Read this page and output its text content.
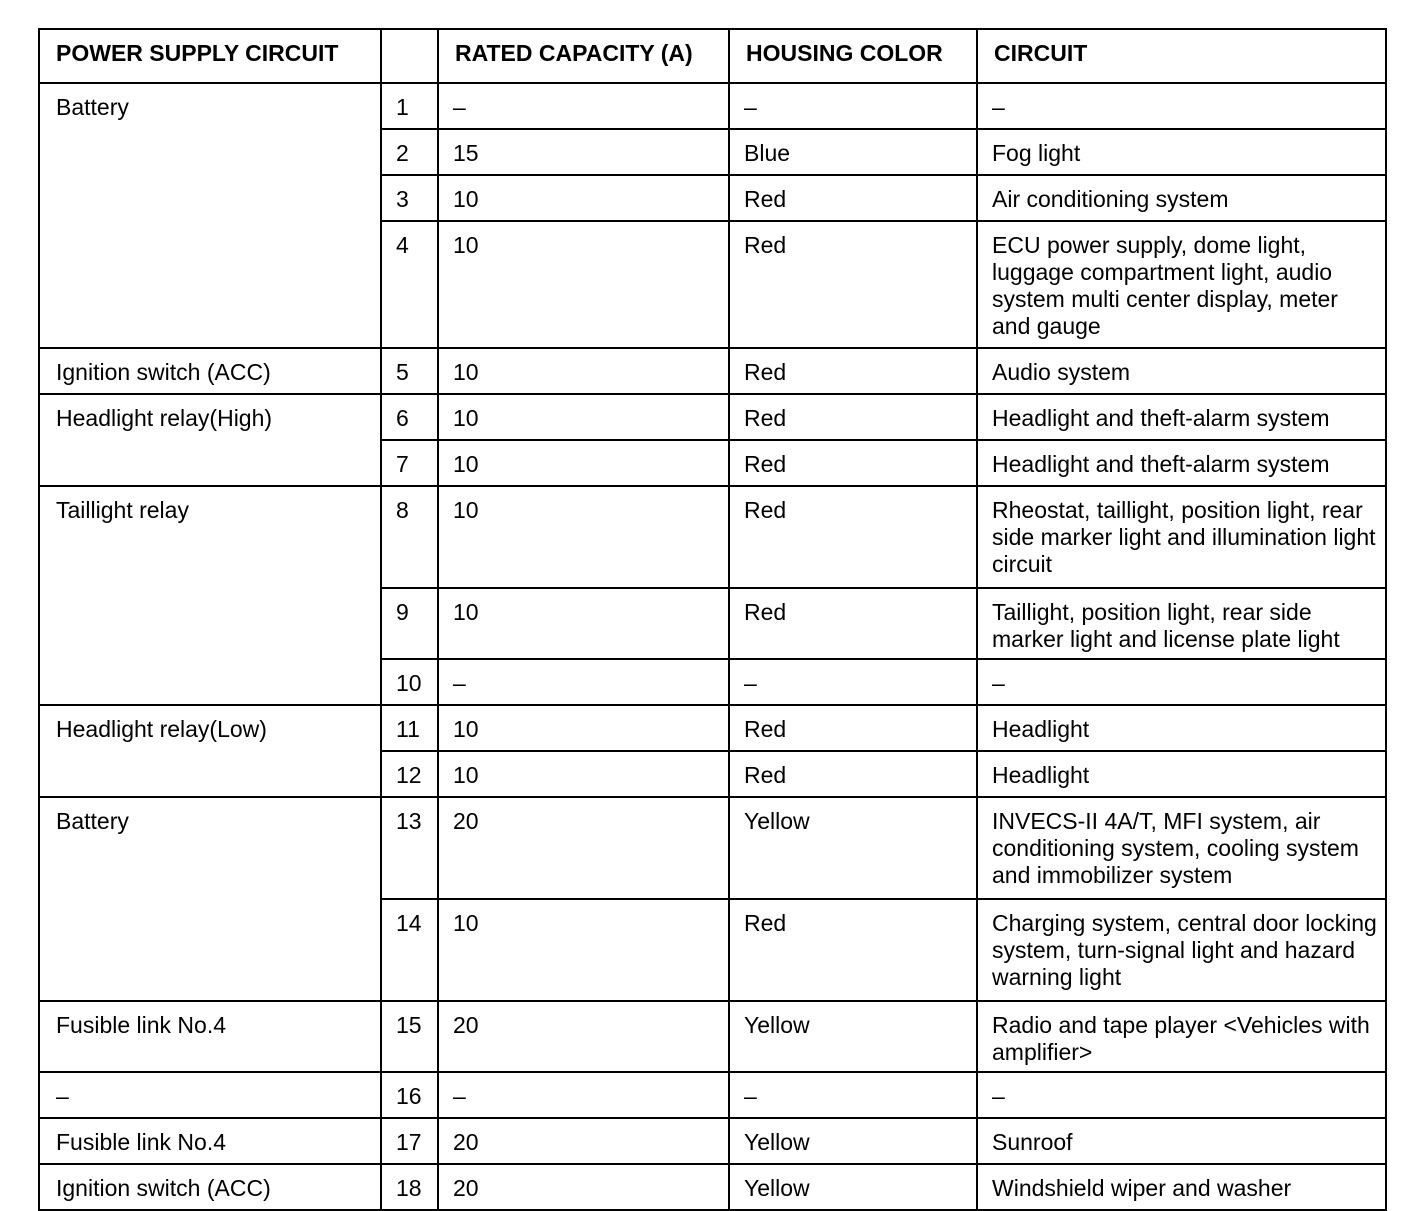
POWER SUPPLY CIRCUIT		RATED CAPACITY (A)	HOUSING COLOR	CIRCUIT
Battery	1	–	–	–
	2	15	Blue	Fog light
	3	10	Red	Air conditioning system
	4	10	Red	ECU power supply, dome light, luggage compartment light, audio system multi center display, meter and gauge
Ignition switch (ACC)	5	10	Red	Audio system
Headlight relay(High)	6	10	Red	Headlight and theft-alarm system
	7	10	Red	Headlight and theft-alarm system
Taillight relay	8	10	Red	Rheostat, taillight, position light, rear side marker light and illumination light circuit
	9	10	Red	Taillight, position light, rear side marker light and license plate light
	10	–	–	–
Headlight relay(Low)	11	10	Red	Headlight
	12	10	Red	Headlight
Battery	13	20	Yellow	INVECS-II 4A/T, MFI system, air conditioning system, cooling system and immobilizer system
	14	10	Red	Charging system, central door locking system, turn-signal light and hazard warning light
Fusible link No.4	15	20	Yellow	Radio and tape player <Vehicles with amplifier>
–	16	–	–	–
Fusible link No.4	17	20	Yellow	Sunroof
Ignition switch (ACC)	18	20	Yellow	Windshield wiper and washer
